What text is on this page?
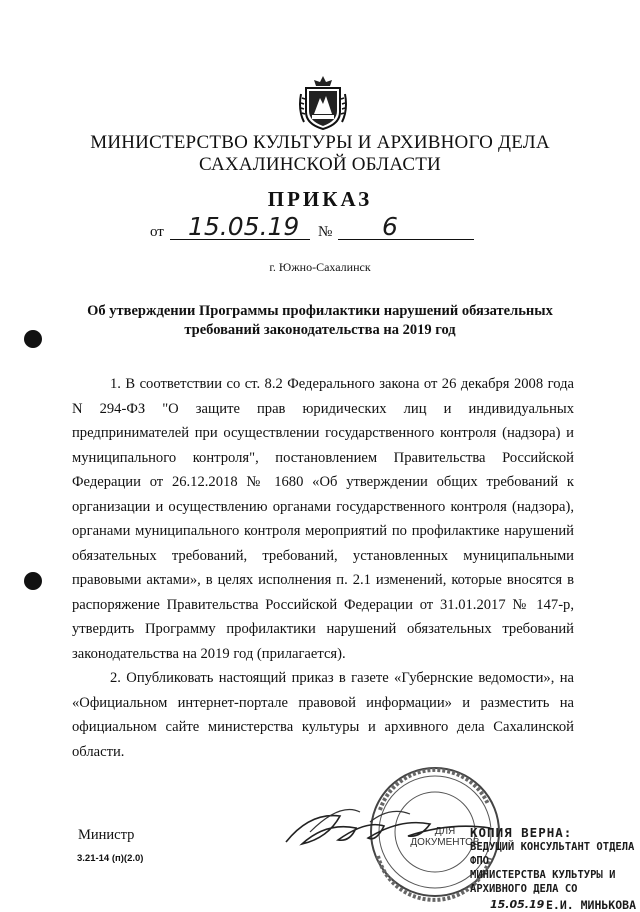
МИНИСТЕРСТВО КУЛЬТУРЫ И АРХИВНОГО ДЕЛА
САХАЛИНСКОЙ ОБЛАСТИ
ПРИКАЗ
от 15.05.19 № 6
г. Южно-Сахалинск
Об утверждении Программы профилактики нарушений обязательных
требований законодательства на 2019 год

1. В соответствии со ст. 8.2 Федерального закона от 26 декабря 2008 года N 294-ФЗ "О защите прав юридических лиц и индивидуальных предпринимателей при осуществлении государственного контроля (надзора) и муниципального контроля", постановлением Правительства Российской Федерации от 26.12.2018 № 1680 «Об утверждении общих требований к организации и осуществлению органами государственного контроля (надзора), органами муниципального контроля мероприятий по профилактике нарушений обязательных требований, требований, установленных муниципальными правовыми актами», в целях исполнения п. 2.1 изменений, которые вносятся в распоряжение Правительства Российской Федерации от 31.01.2017 № 147-р, утвердить Программу профилактики нарушений обязательных требований законодательства на 2019 год (прилагается).

2. Опубликовать настоящий приказ в газете «Губернские ведомости», на «Официальном интернет-портале правовой информации» и разместить на официальном сайте министерства культуры и архивного дела Сахалинской области.

ДЛЯ
ДОКУМЕНТОВ
Министр
3.21-14 (п)(2.0)
КОПИЯ ВЕРНА:
ВЕДУЩИЙ КОНСУЛЬТАНТ ОТДЕЛА ФПО
МИНИСТЕРСТВА КУЛЬТУРЫ И
АРХИВНОГО ДЕЛА СО
15.05.19 Е.И. МИНЬКОВА
